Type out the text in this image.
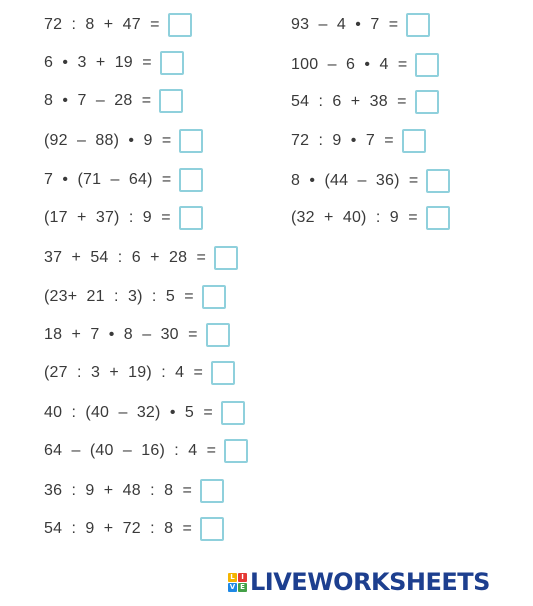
72  :  8  +  47  =
6  •  3  +  19  =
8  •  7  –  28  =
(92  –  88)  •  9  =
7  •  (71  –  64)  =
(17  +  37)  :  9  =
37  +  54  :  6  +  28  =
(23+  21  :  3)  :  5  =
18  +  7  •  8  –  30  =
(27  :  3  +  19)  :  4  =
40  :  (40  –  32)  •  5  =
64  –  (40  –  16)  :  4  =
36  :  9  +  48  :  8  =
54  :  9  +  72  :  8  =
93  –  4  •  7  =
100  –  6  •  4  =
54  :  6  +  38  =
72  :  9  •  7  =
8  •  (44  –  36)  =
(32  +  40)  :  9  =
L I
V E LIVEWORKSHEETS
